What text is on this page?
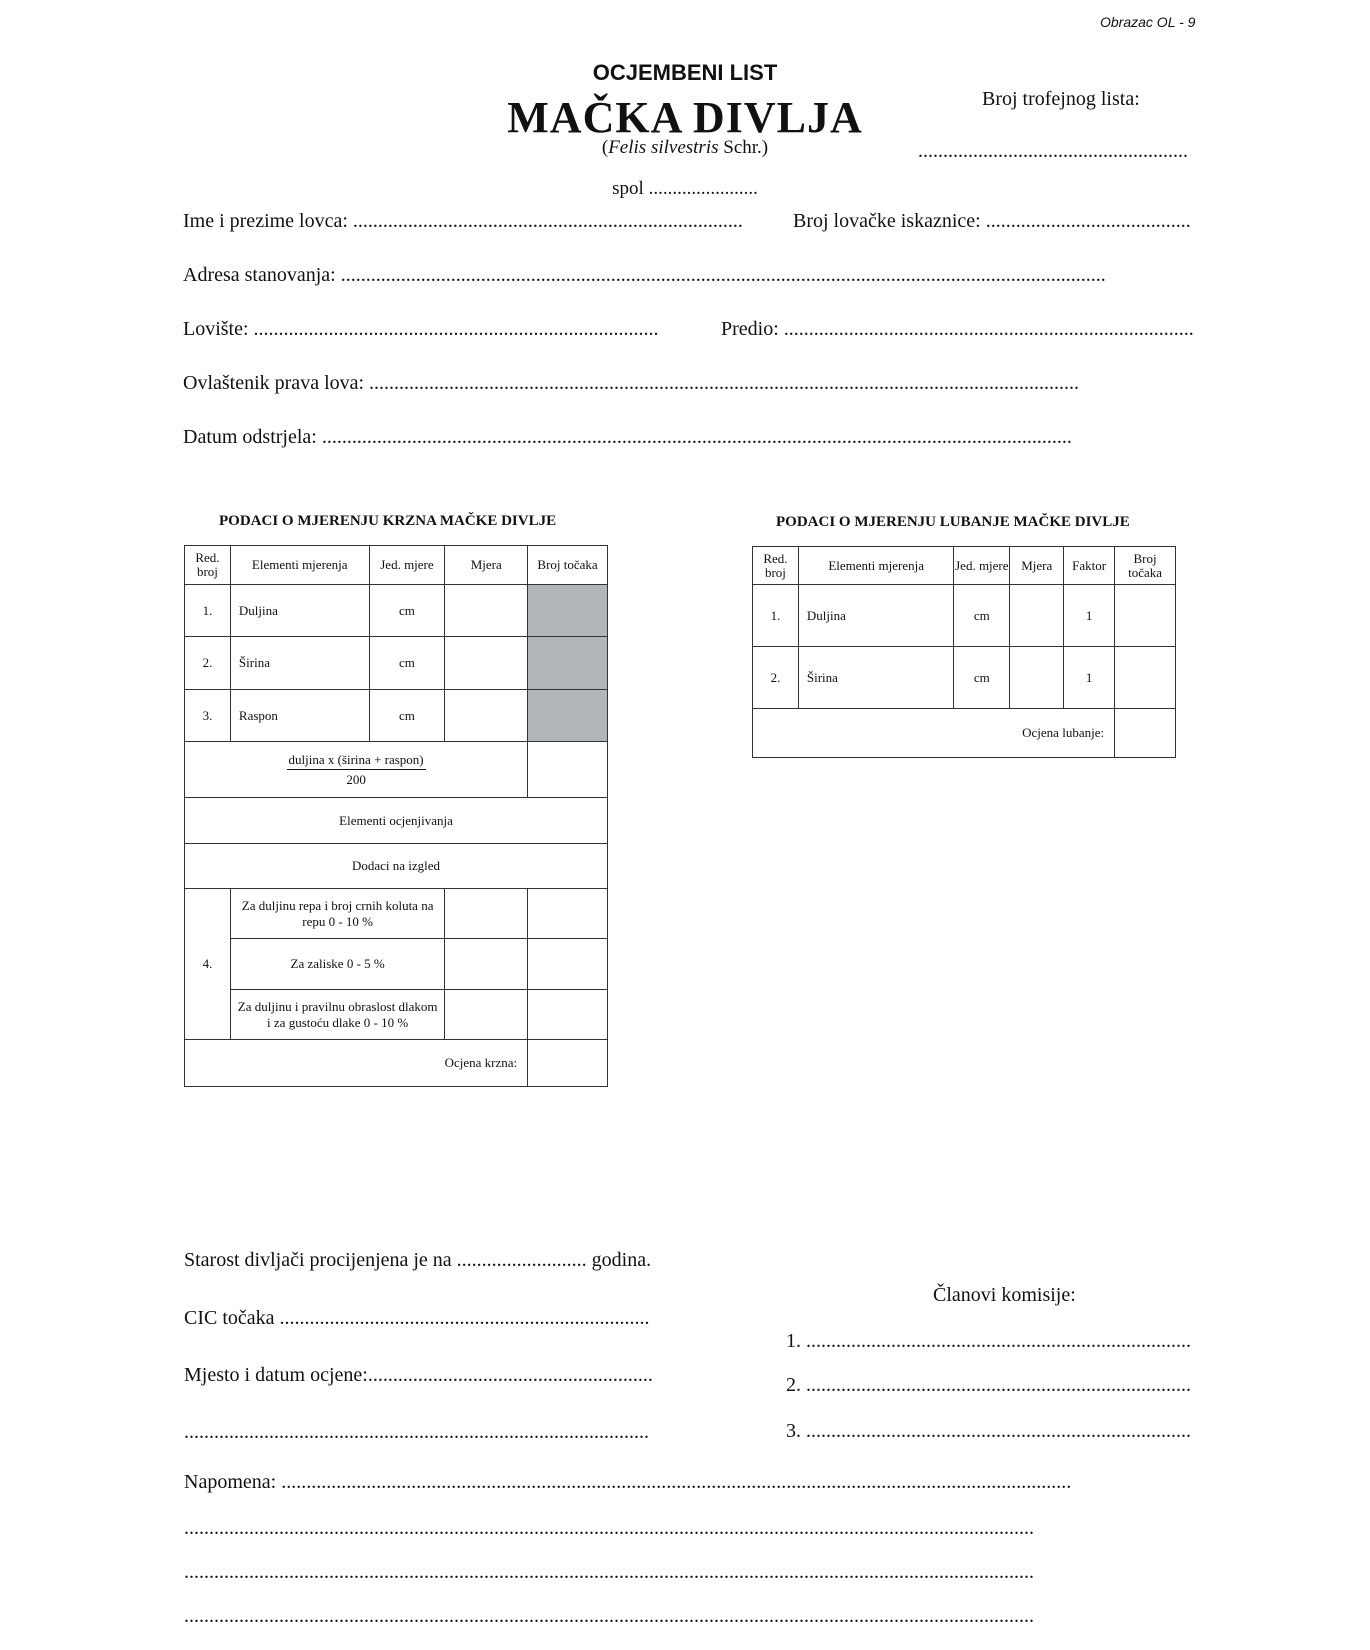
Obrazac OL - 9
OCJEMBENI LIST
MAČKA DIVLJA
(Felis silvestris Schr.)
spol .......................
Broj trofejnog lista:
......................................................
Ime i prezime lovca: ..............................................................................	Broj lovačke iskaznice: .........................................
Adresa stanovanja: .........................................................................................................................................................
Lovište: .................................................................................	Predio: ..................................................................................
Ovlaštenik prava lova: ..............................................................................................................................................
Datum odstrjela: ......................................................................................................................................................
PODACI O MJERENJU KRZNA MAČKE DIVLJE
Red. broj	Elementi mjerenja	Jed. mjere	Mjera	Broj točaka
1.	Duljina	cm		
2.	Širina	cm		
3.	Raspon	cm		
duljina x (širina + raspon)
200				

Elementi ocjenjivanja				
Dodaci na izgled				
4.	Za duljinu repa i broj crnih koluta na repu 0 - 10 %			
	Za zaliske 0 - 5 %			
	Za duljinu i pravilnu obraslost dlakom i za gustoću dlake 0 - 10 %			
Ocjena krzna:				
PODACI O MJERENJU LUBANJE MAČKE DIVLJE
Red. broj	Elementi mjerenja	Jed. mjere	Mjera	Faktor	Broj točaka
1.	Duljina	cm		1	
2.	Širina	cm		1	
Ocjena lubanje:					
Starost divljači procijenjena je na .......................... godina.
CIC točaka ..........................................................................
Mjesto i datum ocjene:.........................................................
.............................................................................................
Članovi komisije:
1. .............................................................................
2. .............................................................................
3. .............................................................................
Napomena: ..............................................................................................................................................................
..........................................................................................................................................................................
..........................................................................................................................................................................
..........................................................................................................................................................................
